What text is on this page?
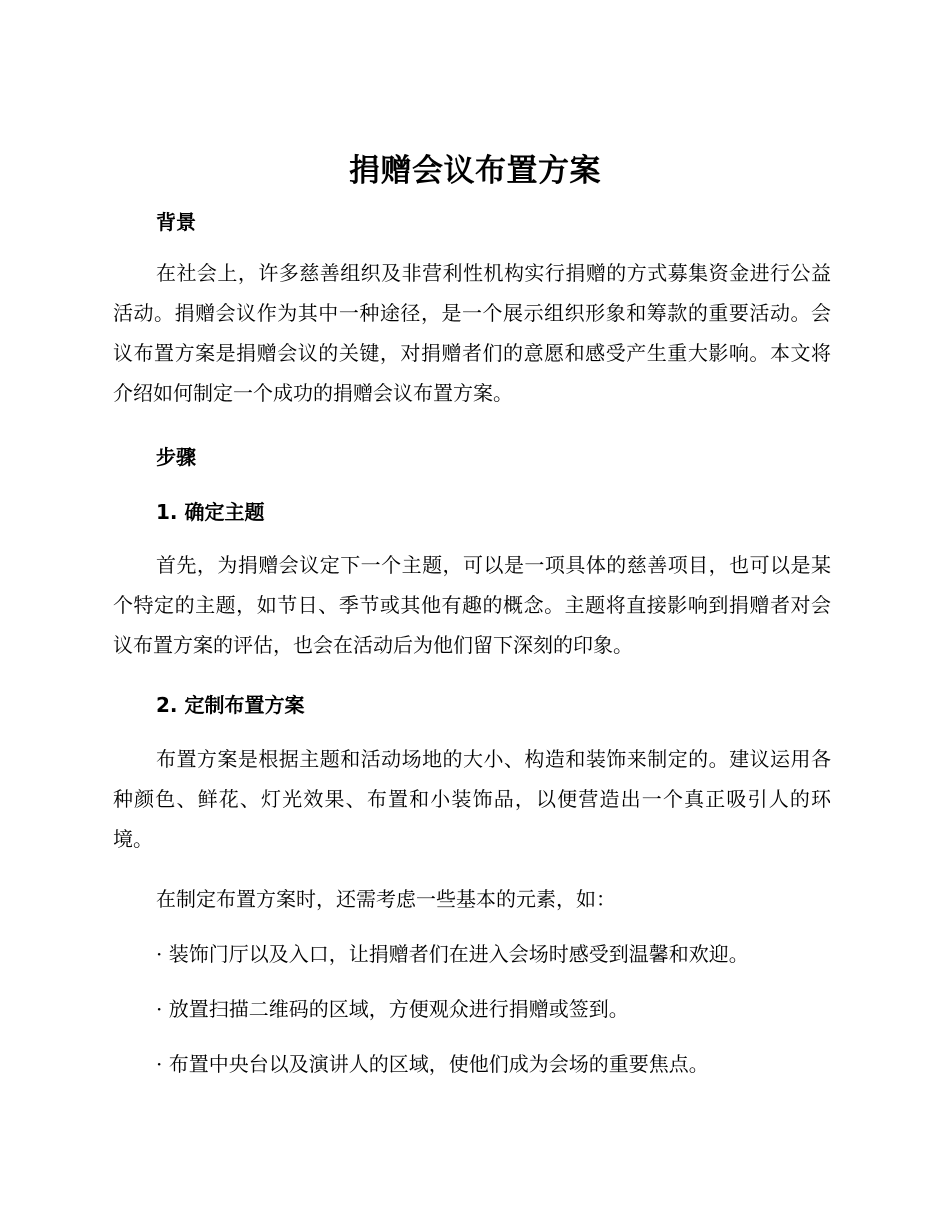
捐赠会议布置方案
背景
在社会上，许多慈善组织及非营利性机构实行捐赠的方式募集资金进行公益活动。捐赠会议作为其中一种途径，是一个展示组织形象和筹款的重要活动。会议布置方案是捐赠会议的关键，对捐赠者们的意愿和感受产生重大影响。本文将介绍如何制定一个成功的捐赠会议布置方案。
步骤
1. 确定主题
首先，为捐赠会议定下一个主题，可以是一项具体的慈善项目，也可以是某个特定的主题，如节日、季节或其他有趣的概念。主题将直接影响到捐赠者对会议布置方案的评估，也会在活动后为他们留下深刻的印象。
2. 定制布置方案
布置方案是根据主题和活动场地的大小、构造和装饰来制定的。建议运用各种颜色、鲜花、灯光效果、布置和小装饰品，以便营造出一个真正吸引人的环境。
在制定布置方案时，还需考虑一些基本的元素，如：
· 装饰门厅以及入口，让捐赠者们在进入会场时感受到温馨和欢迎。
· 放置扫描二维码的区域，方便观众进行捐赠或签到。
· 布置中央台以及演讲人的区域，使他们成为会场的重要焦点。
